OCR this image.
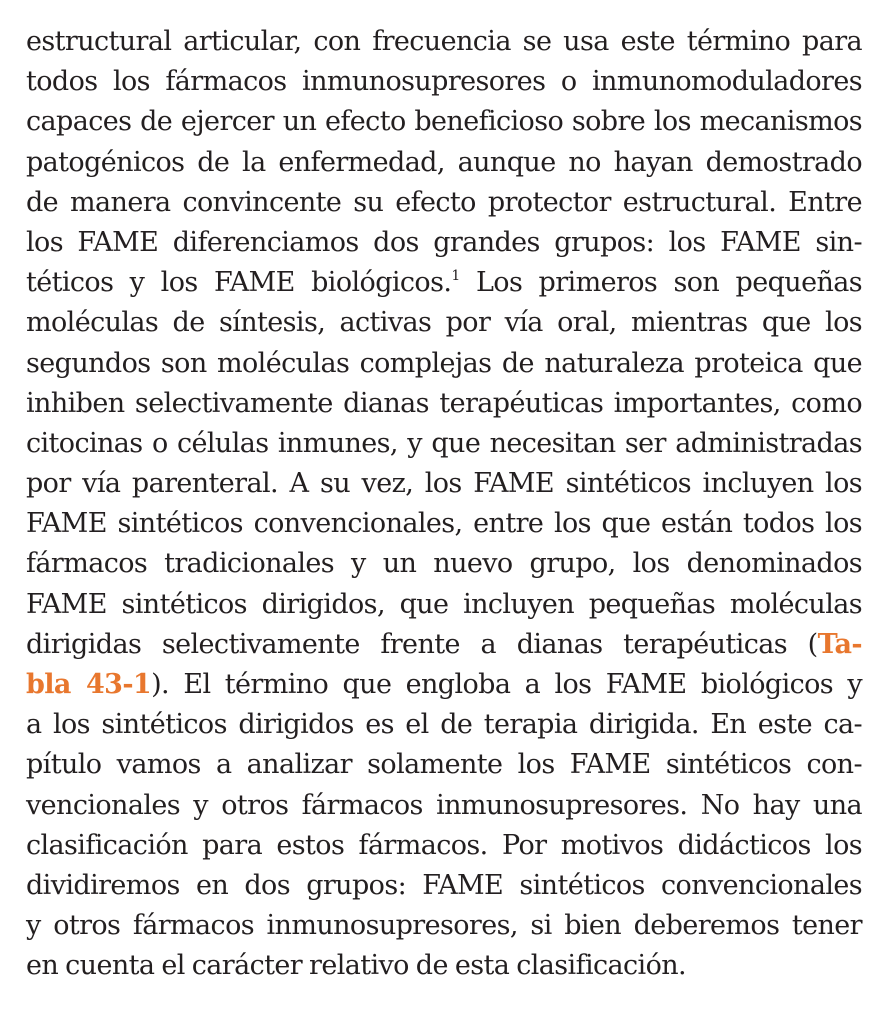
estructural articular, con frecuencia se usa este término para
todos los fármacos inmunosupresores o inmunomoduladores
capaces de ejercer un efecto beneficioso sobre los mecanismos
patogénicos de la enfermedad, aunque no hayan demostrado
de manera convincente su efecto protector estructural. Entre
los FAME diferenciamos dos grandes grupos: los FAME sin-
téticos y los FAME biológicos.$^1$ Los primeros son pequeñas
moléculas de síntesis, activas por vía oral, mientras que los
segundos son moléculas complejas de naturaleza proteica que
inhiben selectivamente dianas terapéuticas importantes, como
citocinas o células inmunes, y que necesitan ser administradas
por vía parenteral. A su vez, los FAME sintéticos incluyen los
FAME sintéticos convencionales, entre los que están todos los
fármacos tradicionales y un nuevo grupo, los denominados
FAME sintéticos dirigidos, que incluyen pequeñas moléculas
dirigidas selectivamente frente a dianas terapéuticas (Ta-
bla 43-1). El término que engloba a los FAME biológicos y
a los sintéticos dirigidos es el de terapia dirigida. En este ca-
pítulo vamos a analizar solamente los FAME sintéticos con-
vencionales y otros fármacos inmunosupresores. No hay una
clasificación para estos fármacos. Por motivos didácticos los
dividiremos en dos grupos: FAME sintéticos convencionales
y otros fármacos inmunosupresores, si bien deberemos tener
en cuenta el carácter relativo de esta clasificación.
